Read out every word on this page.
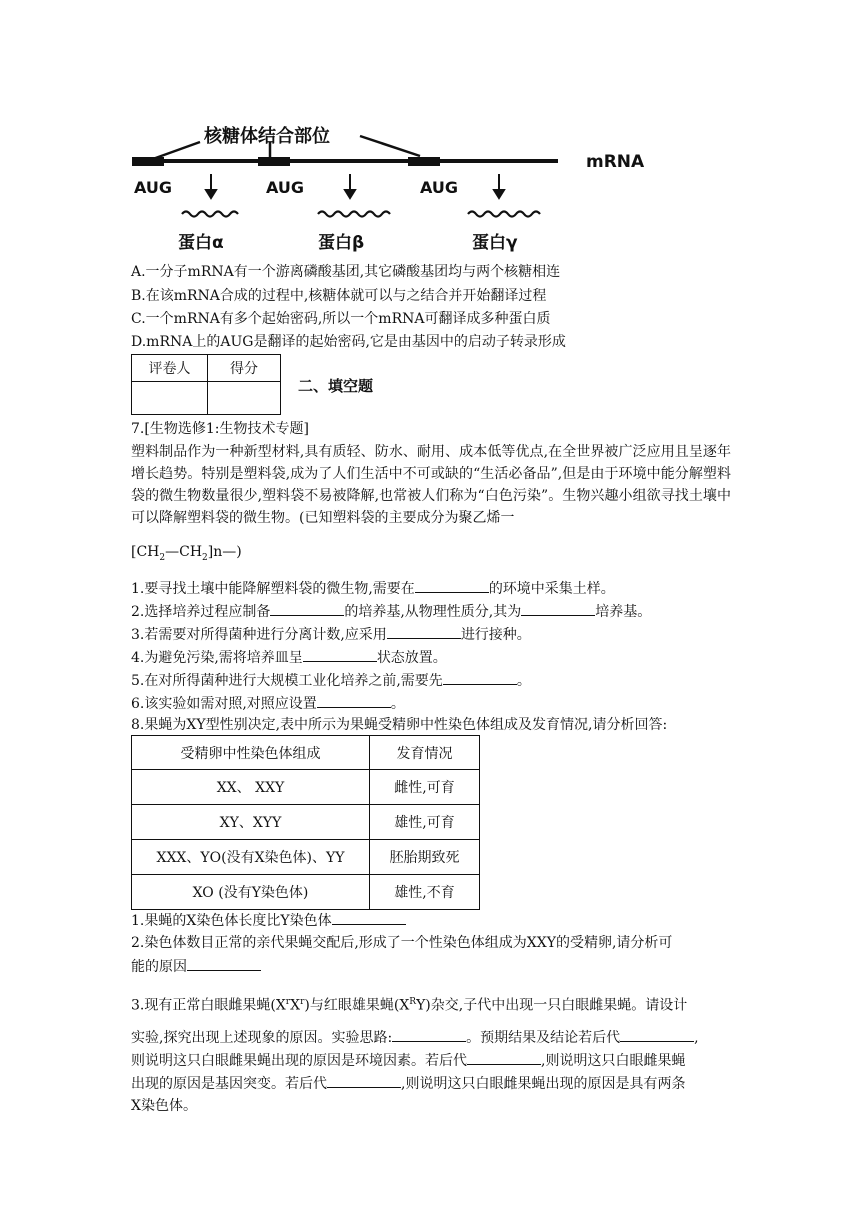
核糖体结合部位
mRNA
AUG	AUG	AUG
蛋白α	蛋白β	蛋白γ
A.一分子mRNA有一个游离磷酸基团,其它磷酸基团均与两个核糖相连
B.在该mRNA合成的过程中,核糖体就可以与之结合并开始翻译过程
C.一个mRNA有多个起始密码,所以一个mRNA可翻译成多种蛋白质
D.mRNA上的AUG是翻译的起始密码,它是由基因中的启动子转录形成
评卷人	得分

二、填空题
7.[生物选修1:生物技术专题]
塑料制品作为一种新型材料,具有质轻、防水、耐用、成本低等优点,在全世界被广泛应用且呈逐年增长趋势。特别是塑料袋,成为了人们生活中不可或缺的“生活必备品”,但是由于环境中能分解塑料袋的微生物数量很少,塑料袋不易被降解,也常被人们称为“白色污染”。生物兴趣小组欲寻找土壤中可以降解塑料袋的微生物。(已知塑料袋的主要成分为聚乙烯一
$[CH_2—CH_2]n—$)
1.要寻找土壤中能降解塑料袋的微生物,需要在	的环境中采集土样。
2.选择培养过程应制备	的培养基,从物理性质分,其为	培养基。
3.若需要对所得菌种进行分离计数,应采用	进行接种。
4.为避免污染,需将培养皿呈	状态放置。
5.在对所得菌种进行大规模工业化培养之前,需要先	。
6.该实验如需对照,对照应设置	。
8.果蝇为XY型性别决定,表中所示为果蝇受精卵中性染色体组成及发育情况,请分析回答:
受精卵中性染色体组成	发育情况
XX、 XXY	雌性,可育
XY、XYY	雄性,可育
XXX、YO(没有X染色体)、YY	胚胎期致死
XO (没有Y染色体)	雄性,不育
1.果蝇的X染色体长度比Y染色体
2.染色体数目正常的亲代果蝇交配后,形成了一个性染色体组成为XXY的受精卵,请分析可
能的原因
3.现有正常白眼雌果蝇$(X^rX^r)$与红眼雄果蝇$(X^RY)$杂交,子代中出现一只白眼雌果蝇。请设计
实验,探究出现上述现象的原因。实验思路:	。预期结果及结论若后代	,
则说明这只白眼雌果蝇出现的原因是环境因素。若后代	,则说明这只白眼雌果蝇
出现的原因是基因突变。若后代	,则说明这只白眼雌果蝇出现的原因是具有两条
X染色体。
